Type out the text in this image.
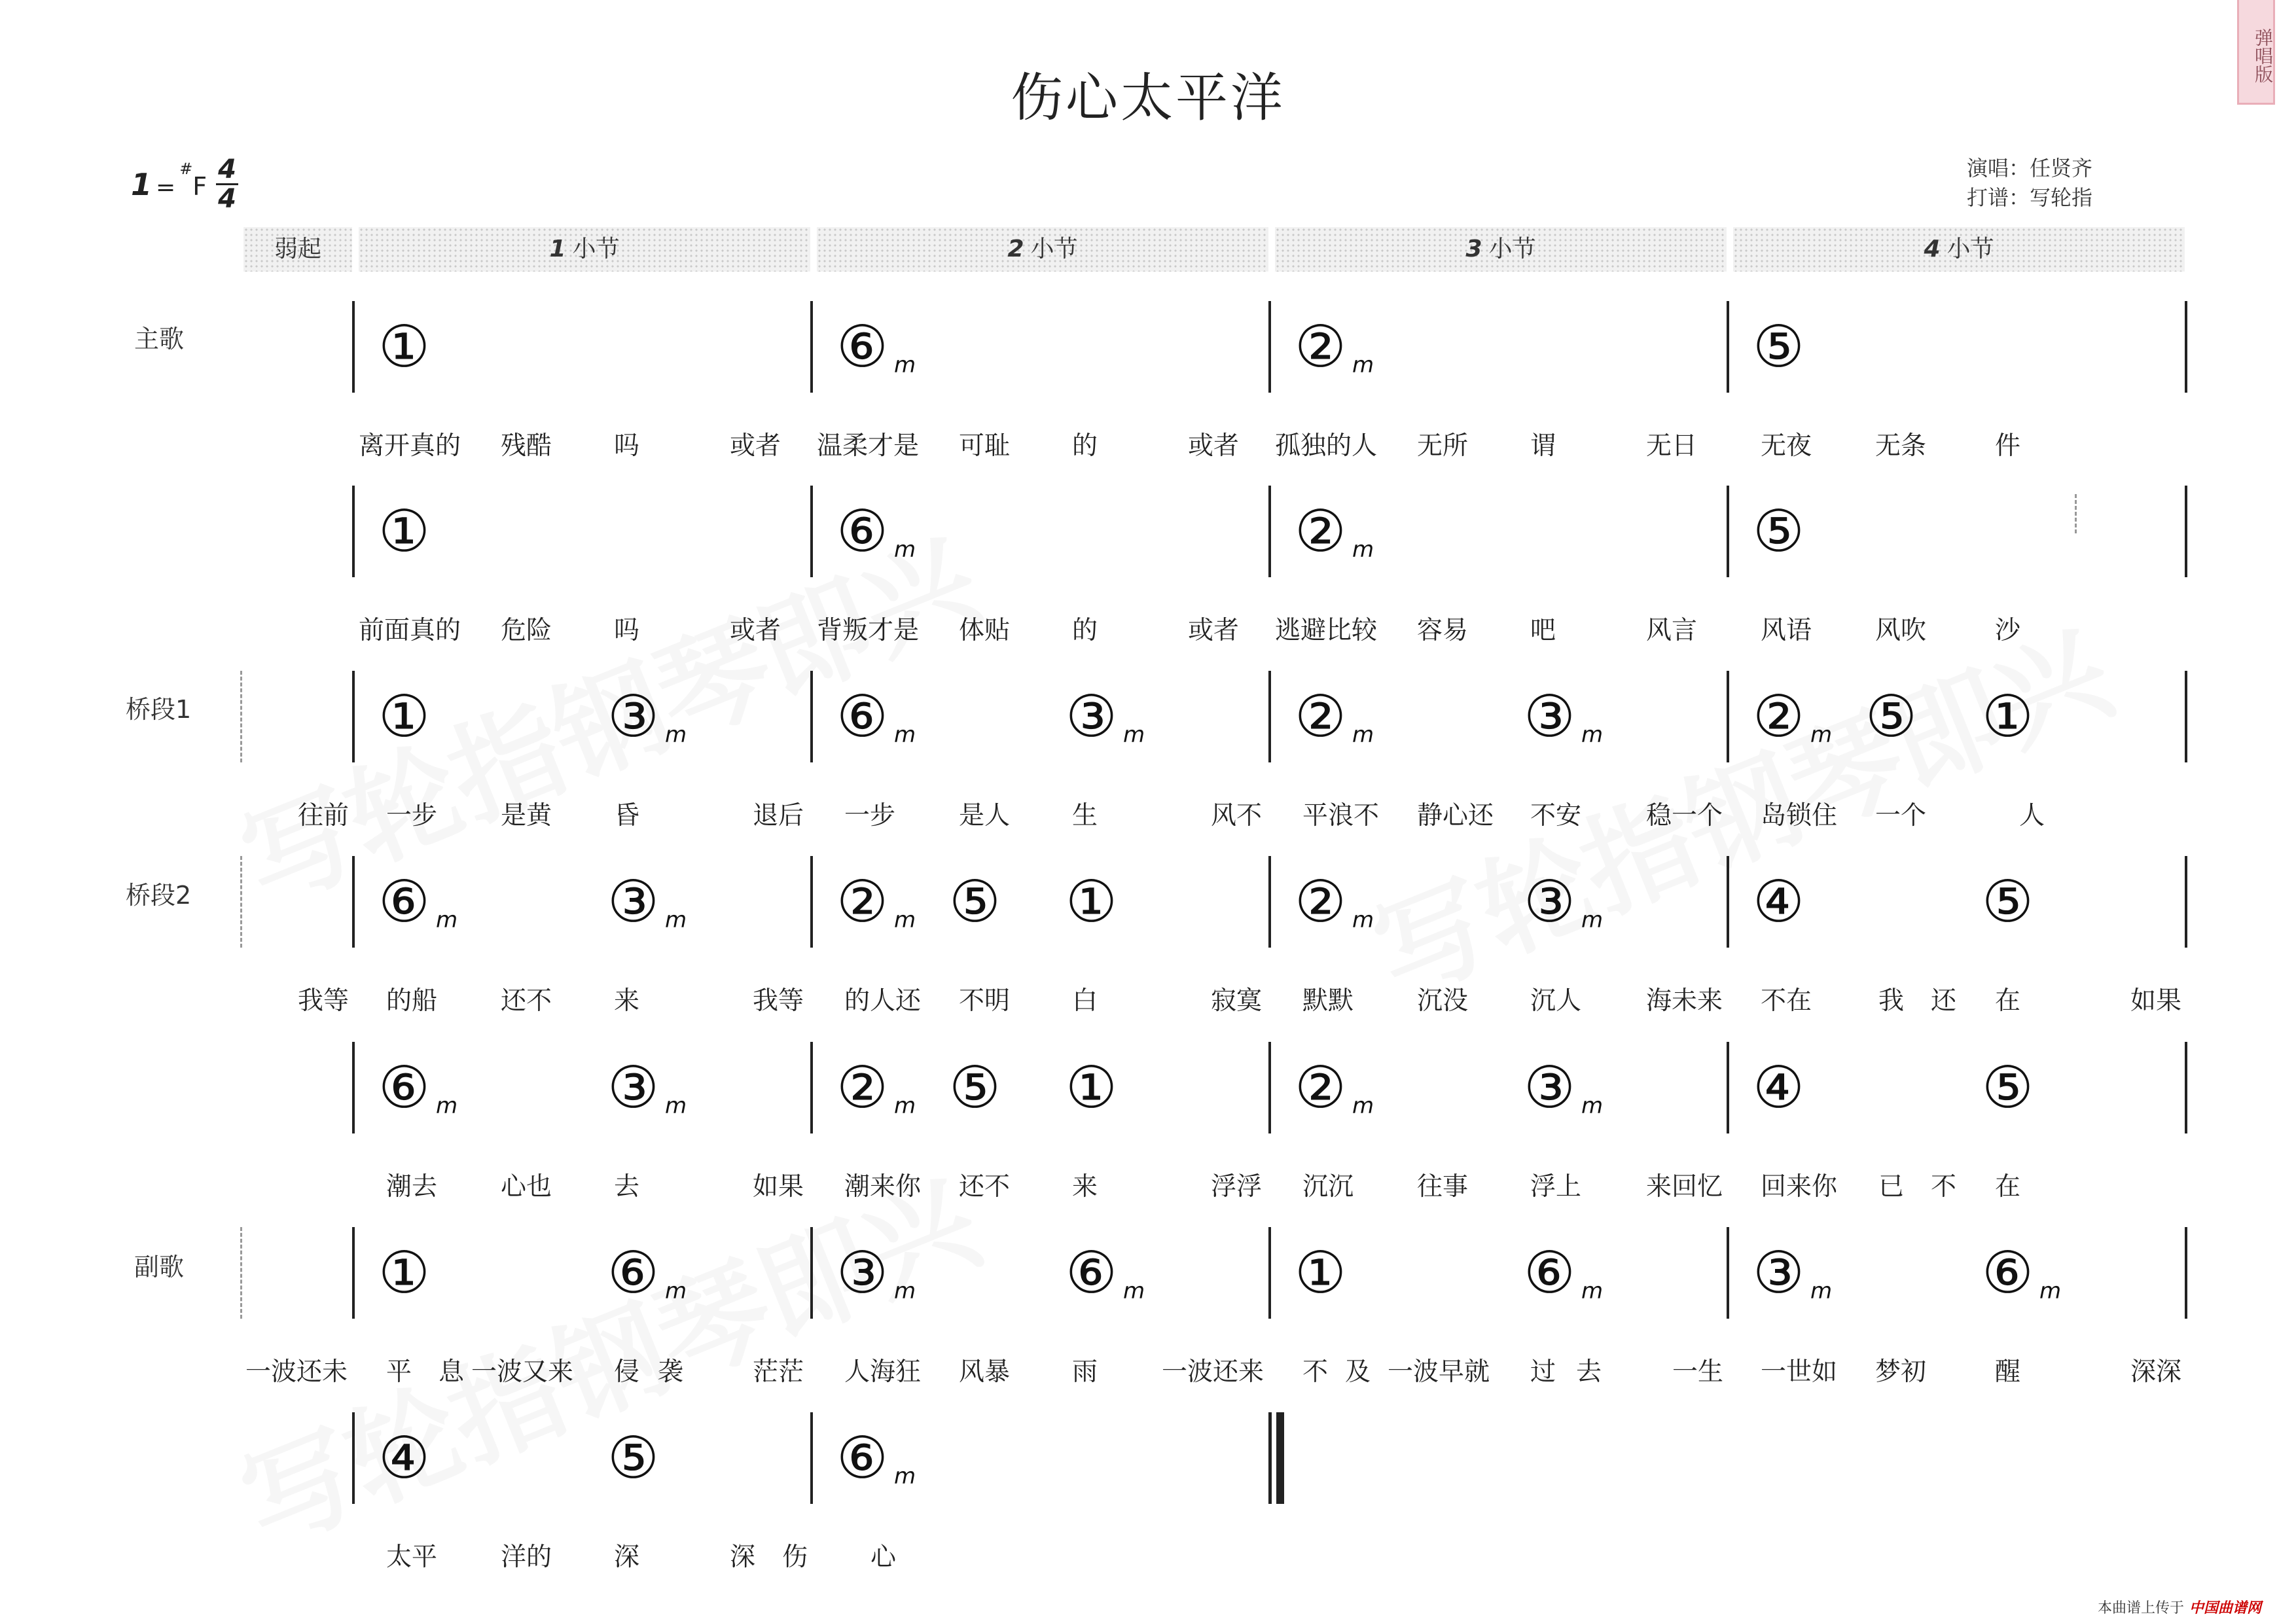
伤心太平洋
弹唱版
1 =#F
4
4
演唱：任贤齐
打谱：写轮指
弱起	1 小节	2 小节	3 小节	4 小节
主歌
桥段1
桥段2
副歌
①	⑥ m	② m	⑤
离开真的 残酷 吗	或者 温柔才是 可耻 的	或者 孤独的人 无所 谓	无日 无夜 无条	件
①	⑥ m	② m	⑤
前面真的 危险 吗	或者 背叛才是 体贴 的	或者 逃避比较 容易 吧	风言 风语 风吹	沙
①	③ m	⑥ m	③ m	② m	③ m	② m ⑤ ①
往前 一步 是黄 昏	退后 一步 是人 生	风不 平浪不 静心还 不安	稳一个 岛锁住 一个	人
⑥ m	③ m	② m ⑤ ①	② m	③ m	④	⑤
我等 的船 还不 来	我等 的人还 不明 白	寂寞 默默 沉没 沉人	海未来 不在	我 还 在	如果
⑥ m	③ m	② m ⑤ ①	② m	③ m	④	⑤
潮去 心也 去	如果 潮来你 还不 来	浮浮 沉沉 往事 浮上	来回忆 回来你 已 不 在
①	⑥ m	③ m	⑥ m	①	⑥ m	③ m	⑥ m
一波还未 平 息 一波又来 侵 袭	茫茫 人海狂 风暴 雨	一波还来 不 及 一波早就 过 去	一生 一世如 梦初	醒	深深
④	⑤	⑥ m
太平 洋的 深	深 伤 心
本曲谱上传于 中国曲谱网
